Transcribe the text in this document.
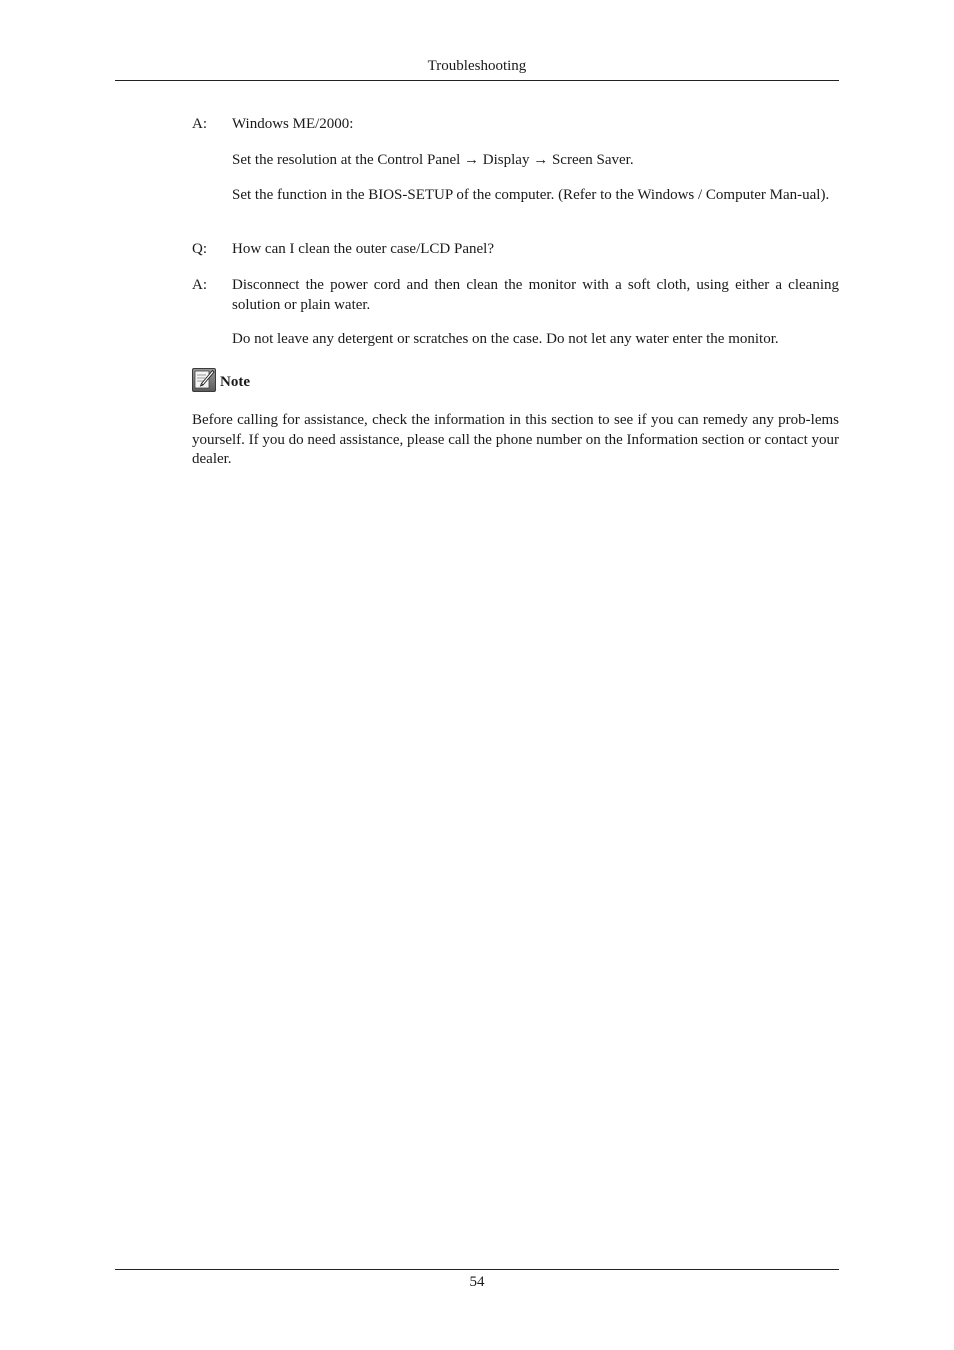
Troubleshooting
A:	Windows ME/2000:
Set the resolution at the Control Panel → Display → Screen Saver.
Set the function in the BIOS-SETUP of the computer. (Refer to the Windows / Computer Man-ual).
Q:	How can I clean the outer case/LCD Panel?
A:	Disconnect the power cord and then clean the monitor with a soft cloth, using either a cleaning solution or plain water.
Do not leave any detergent or scratches on the case. Do not let any water enter the monitor.
Note
Before calling for assistance, check the information in this section to see if you can remedy any prob-lems yourself. If you do need assistance, please call the phone number on the Information section or contact your dealer.
54
